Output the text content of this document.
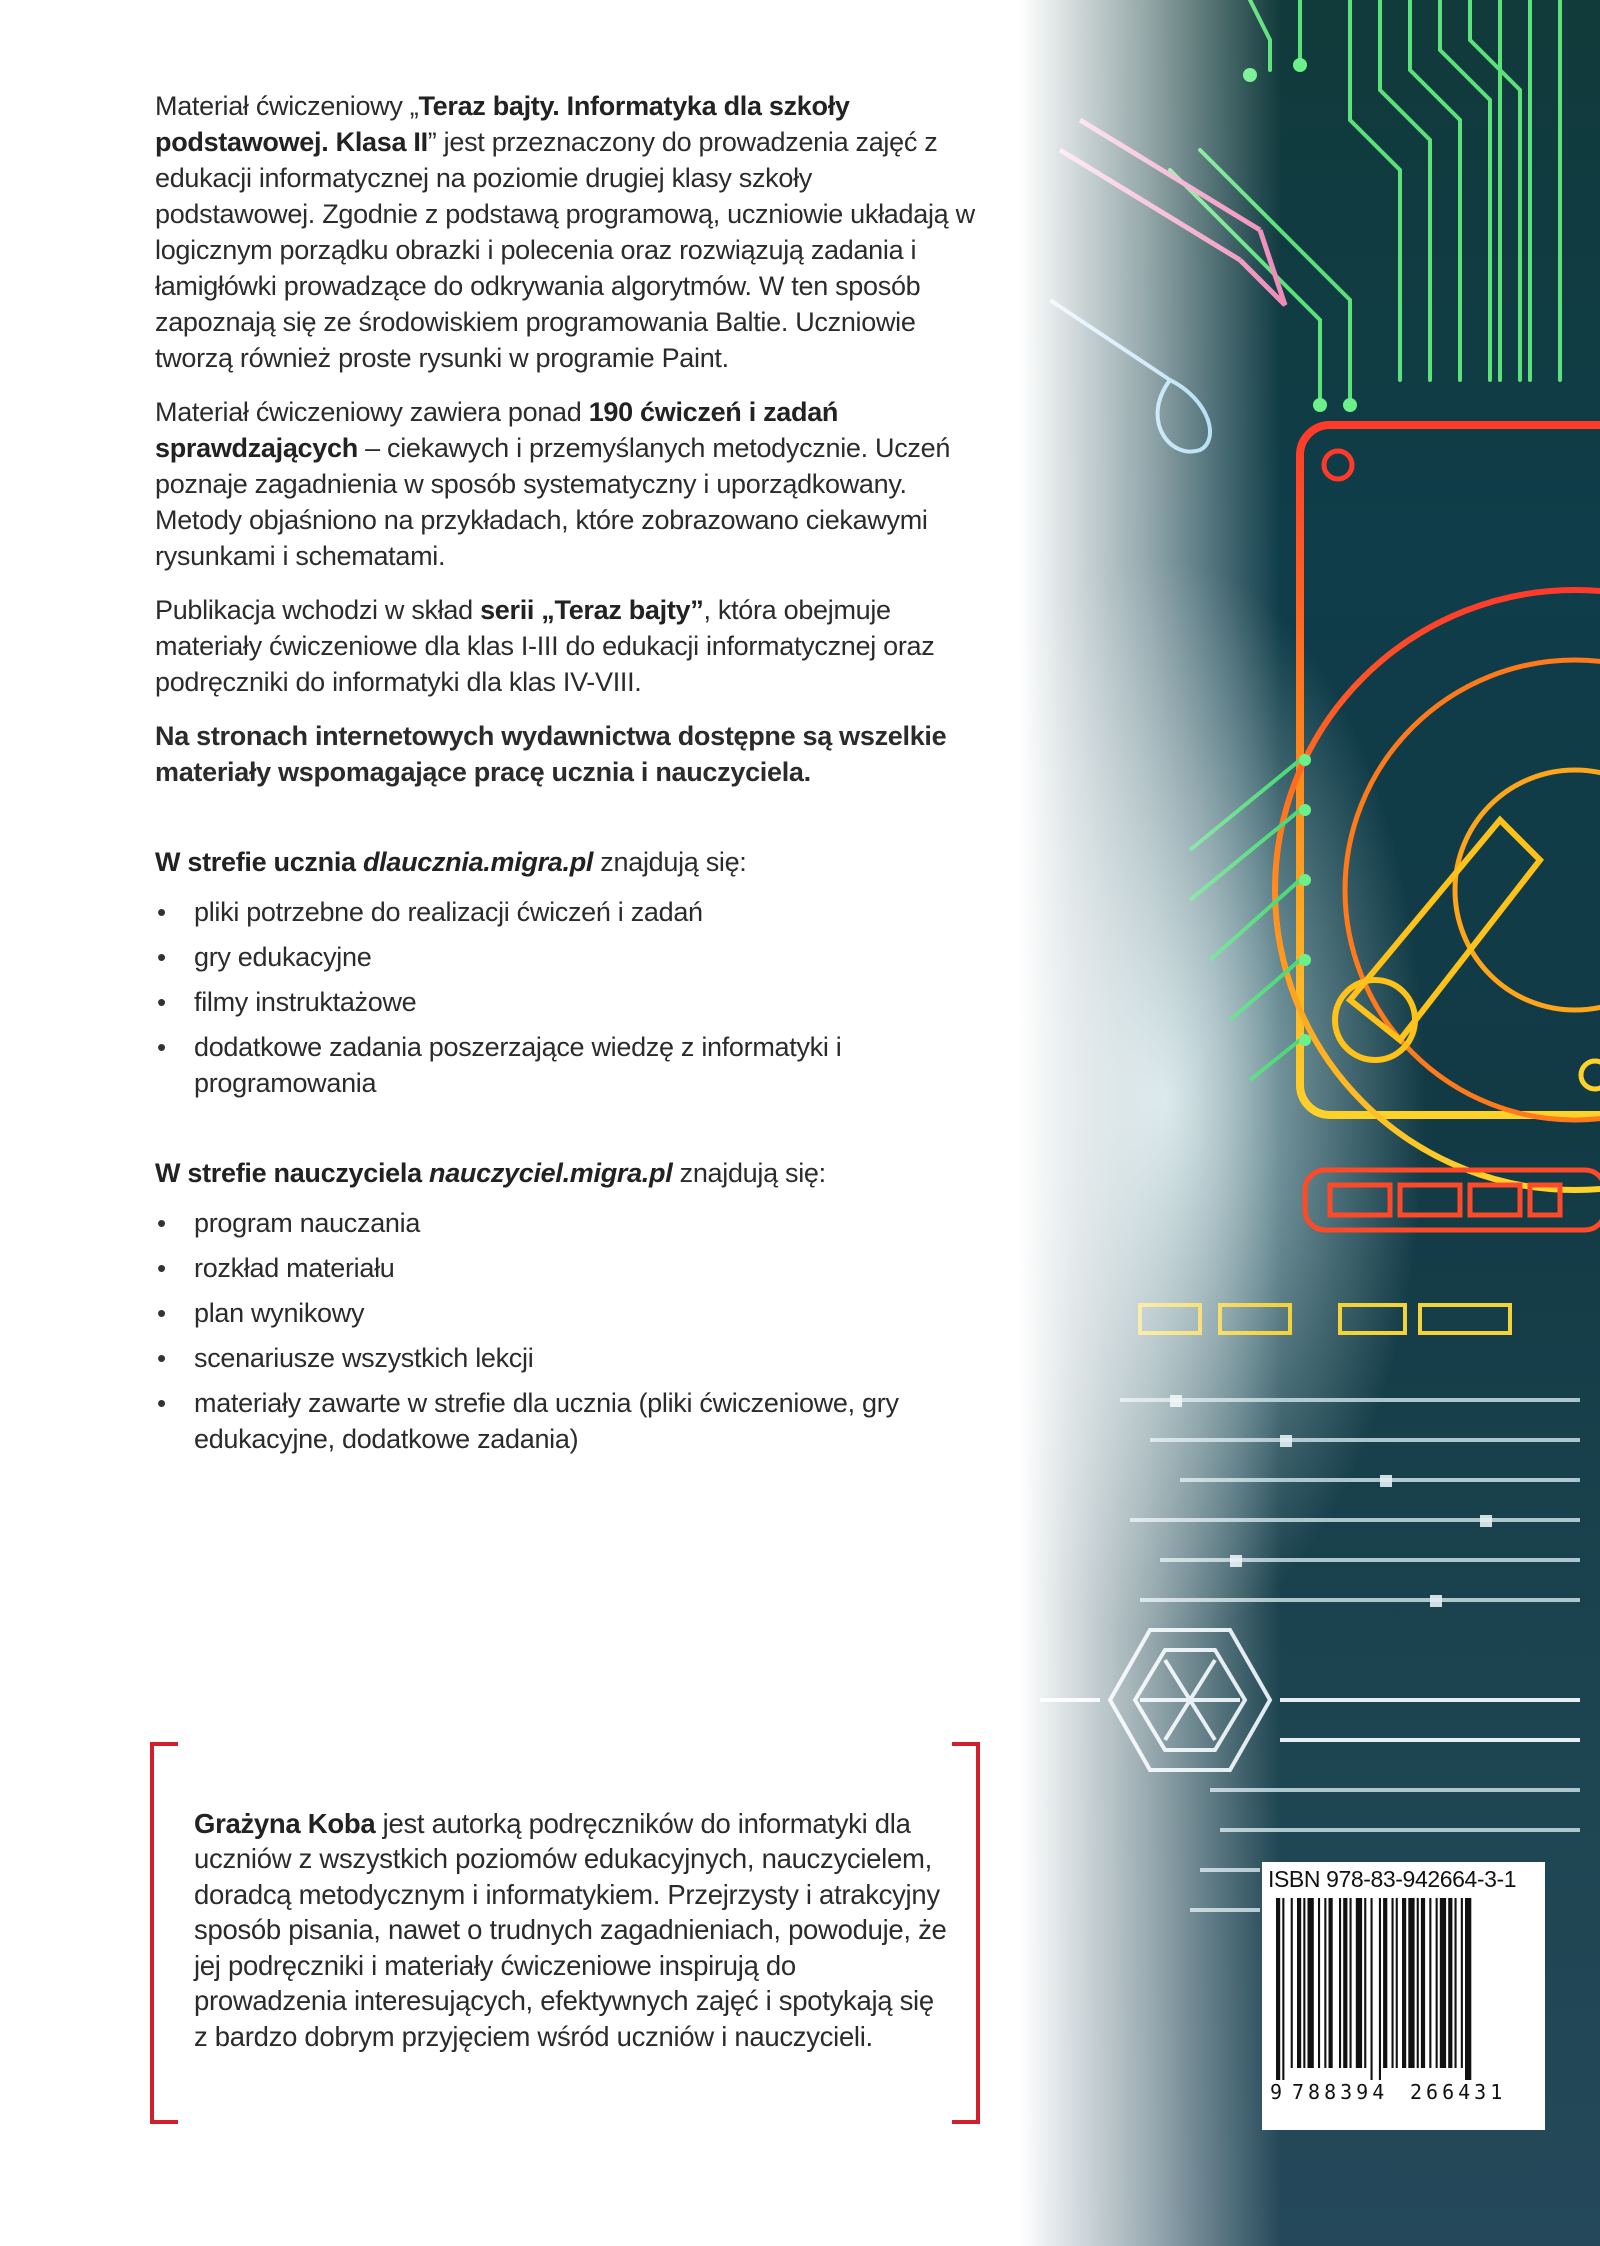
Materiał ćwiczeniowy „Teraz bajty. Informatyka dla szkoły podstawowej. Klasa II” jest przeznaczony do prowadzenia zajęć z edukacji informatycznej na poziomie drugiej klasy szkoły podstawowej. Zgodnie z podstawą programową, uczniowie układają w logicznym porządku obrazki i polecenia oraz rozwiązują zadania i łamigłówki prowadzące do odkrywania algorytmów. W ten sposób zapoznają się ze środowiskiem programowania Baltie. Uczniowie tworzą również proste rysunki w programie Paint.

Materiał ćwiczeniowy zawiera ponad 190 ćwiczeń i zadań sprawdzających – ciekawych i przemyślanych metodycznie. Uczeń poznaje zagadnienia w sposób systematyczny i uporządkowany. Metody objaśniono na przykładach, które zobrazowano ciekawymi rysunkami i schematami.

Publikacja wchodzi w skład serii „Teraz bajty”, która obejmuje materiały ćwiczeniowe dla klas I-III do edukacji informatycznej oraz podręczniki do informatyki dla klas IV-VIII.

Na stronach internetowych wydawnictwa dostępne są wszelkie materiały wspomagające pracę ucznia i nauczyciela.

W strefie ucznia dlaucznia.migra.pl znajdują się:

• pliki potrzebne do realizacji ćwiczeń i zadań
• gry edukacyjne
• filmy instruktażowe
• dodatkowe zadania poszerzające wiedzę z informatyki i programowania

W strefie nauczyciela nauczyciel.migra.pl znajdują się:

• program nauczania
• rozkład materiału
• plan wynikowy
• scenariusze wszystkich lekcji
• materiały zawarte w strefie dla ucznia (pliki ćwiczeniowe, gry edukacyjne, dodatkowe zadania)

Grażyna Koba jest autorką podręczników do informatyki dla uczniów z wszystkich poziomów edukacyjnych, nauczycielem, doradcą metodycznym i informatykiem. Przejrzysty i atrakcyjny sposób pisania, nawet o trudnych zagadnieniach, powoduje, że jej podręczniki i materiały ćwiczeniowe inspirują do prowadzenia interesujących, efektywnych zajęć i spotykają się z bardzo dobrym przyjęciem wśród uczniów i nauczycieli.

ISBN 978-83-942664-3-1
9 788394 266431
